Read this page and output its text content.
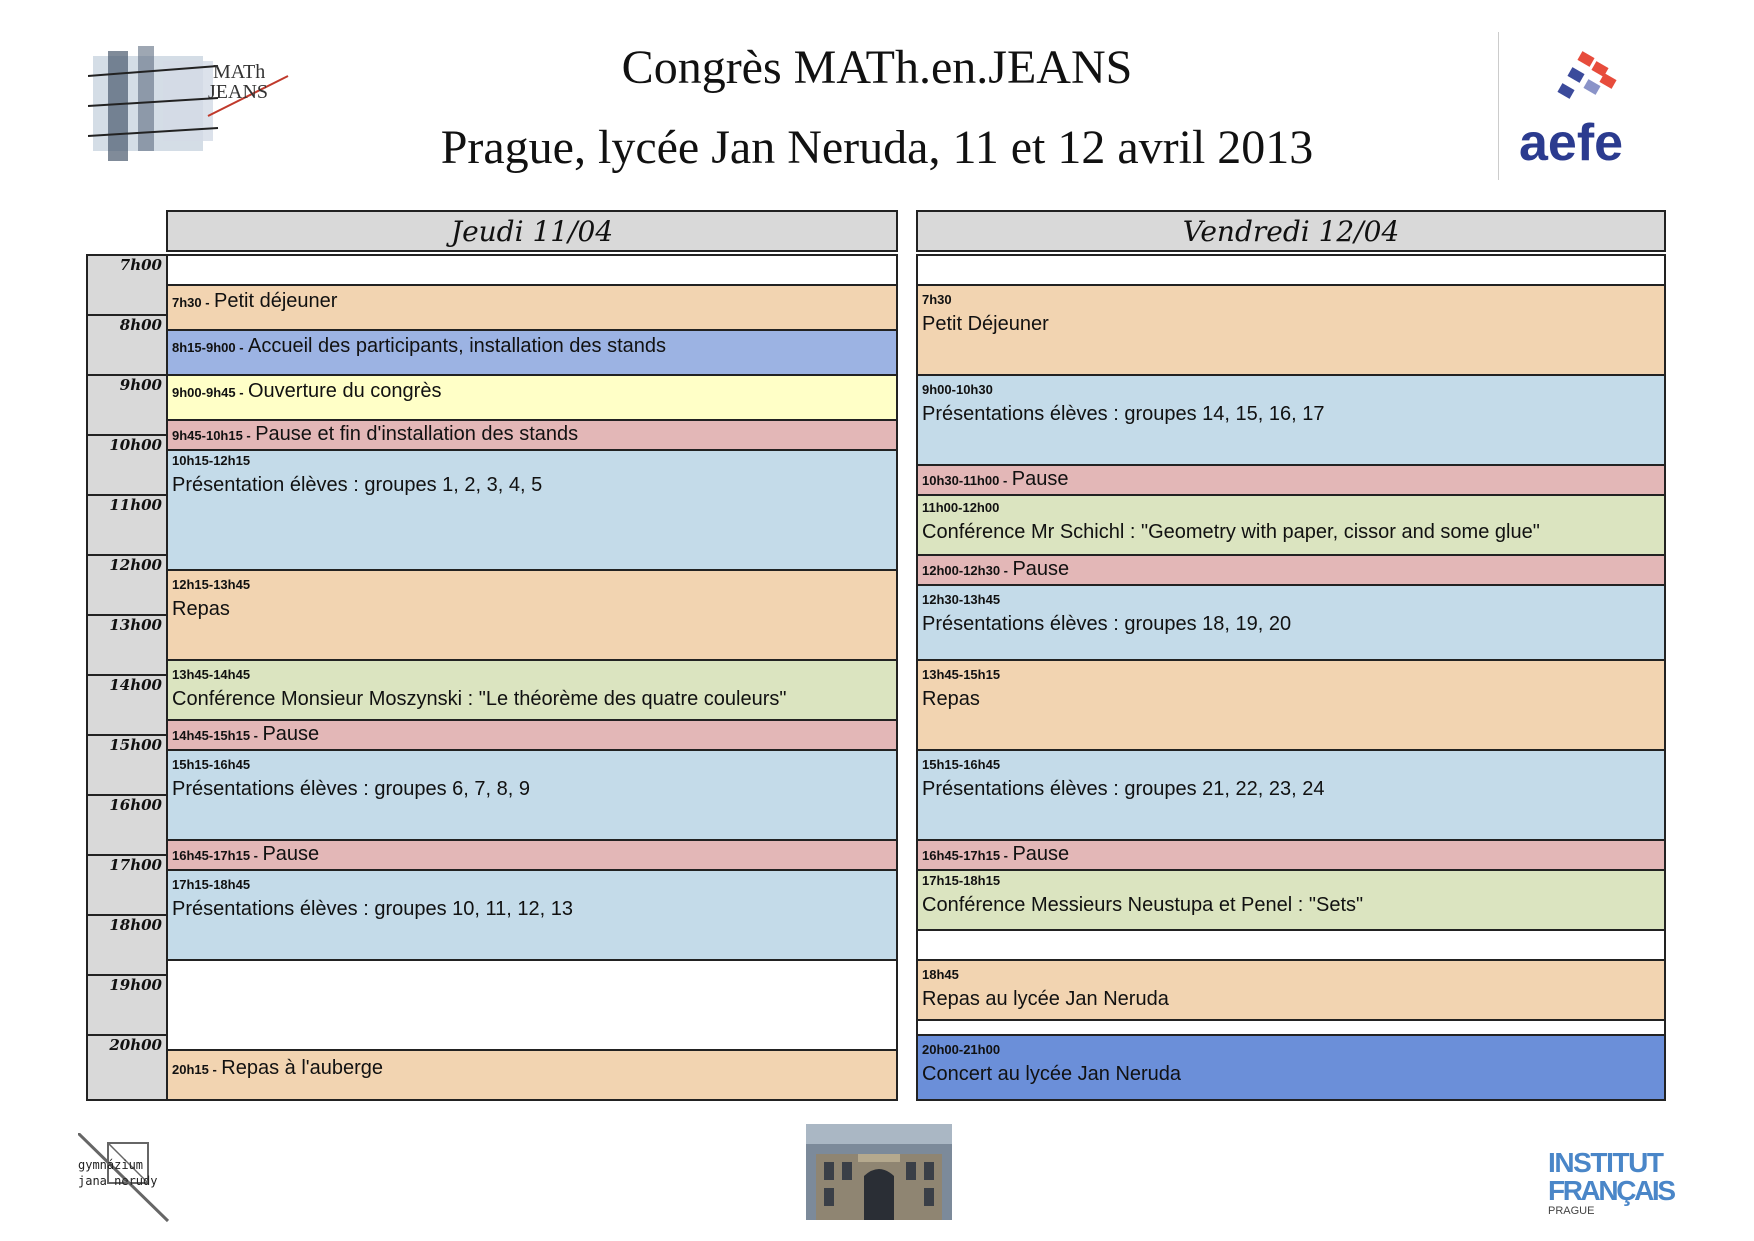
Congrès MATh.en.JEANS
Prague, lycée Jan Neruda, 11 et 12 avril 2013
MATh
JEANS
aefe
Jeudi 11/04	Vendredi 12/04
7h00
8h00
9h00
10h00
11h00
12h00
13h00
14h00
15h00
16h00
17h00
18h00
19h00
20h00
7h30 - Petit déjeuner
8h15-9h00 - Accueil des participants, installation des stands
9h00-9h45 - Ouverture du congrès
9h45-10h15 - Pause et fin d'installation des stands
10h15-12h15
Présentation élèves : groupes 1, 2, 3, 4, 5
12h15-13h45
Repas
13h45-14h45
Conférence Monsieur Moszynski : "Le théorème des quatre couleurs"
14h45-15h15 - Pause
15h15-16h45
Présentations élèves : groupes 6, 7, 8, 9
16h45-17h15 - Pause
17h15-18h45
Présentations élèves : groupes 10, 11, 12, 13
20h15 - Repas à l'auberge
7h30
Petit Déjeuner
9h00-10h30
Présentations élèves : groupes 14, 15, 16, 17
10h30-11h00 - Pause
11h00-12h00
Conférence Mr Schichl : "Geometry with paper, cissor and some glue"
12h00-12h30 - Pause
12h30-13h45
Présentations élèves : groupes 18, 19, 20
13h45-15h15
Repas
15h15-16h45
Présentations élèves : groupes 21, 22, 23, 24
16h45-17h15 - Pause
17h15-18h15
Conférence Messieurs Neustupa et Penel : "Sets"
18h45
Repas au lycée Jan Neruda
20h00-21h00
Concert au lycée Jan Neruda
gymnázium
jana nerudy
INSTITUT
FRANÇAIS
PRAGUE
